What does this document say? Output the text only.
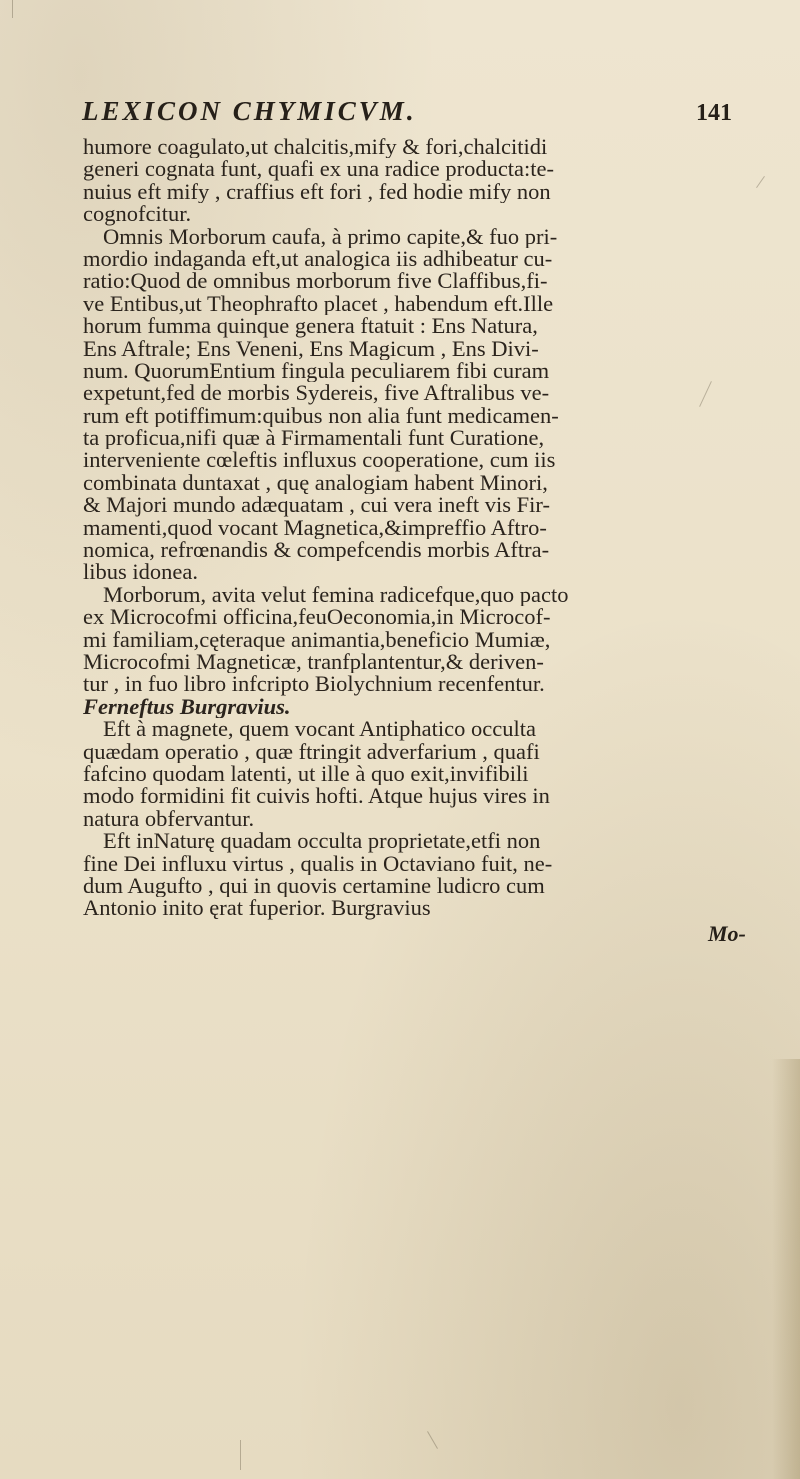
LEXICON CHYMICVM.	141
humore coagulato,ut chalcitis,mify & fori,chalcitidi
generi cognata funt, quafi ex una radice producta:te-
nuius eft mify , craffius eft fori , fed hodie mify non
cognofcitur.
Omnis Morborum caufa, à primo capite,& fuo pri-
mordio indaganda eft,ut analogica iis adhibeatur cu-
ratio:Quod de omnibus morborum five Claffibus,fi-
ve Entibus,ut Theophrafto placet , habendum eft.Ille
horum fumma quinque genera ftatuit : Ens Natura,
Ens Aftrale; Ens Veneni, Ens Magicum , Ens Divi-
num. QuorumEntium fingula peculiarem fibi curam
expetunt,fed de morbis Sydereis, five Aftralibus ve-
rum eft potiffimum:quibus non alia funt medicamen-
ta proficua,nifi quæ à Firmamentali funt Curatione,
interveniente cœleftis influxus cooperatione, cum iis
combinata duntaxat , quę analogiam habent Minori,
& Majori mundo adæquatam , cui vera ineft vis Fir-
mamenti,quod vocant Magnetica,&impreffio Aftro-
nomica, refrœnandis & compefcendis morbis Aftra-
libus idonea.
Morborum, avita velut femina radicefque,quo pacto
ex Microcofmi officina,feuOeconomia,in Microcof-
mi familiam,cęteraque animantia,beneficio Mumiæ,
Microcofmi Magneticæ, tranfplantentur,& deriven-
tur , in fuo libro infcripto Biolychnium recenfentur.
Ferneftus Burgravius.
Eft à magnete, quem vocant Antiphatico occulta
quædam operatio , quæ ftringit adverfarium , quafi
fafcino quodam latenti, ut ille à quo exit,invifibili
modo formidini fit cuivis hofti. Atque hujus vires in
natura obfervantur.
Eft inNaturę quadam occulta proprietate,etfi non
fine Dei influxu virtus , qualis in Octaviano fuit, ne-
dum Augufto , qui in quovis certamine ludicro cum
Antonio inito ęrat fuperior. Burgravius
Mo-
